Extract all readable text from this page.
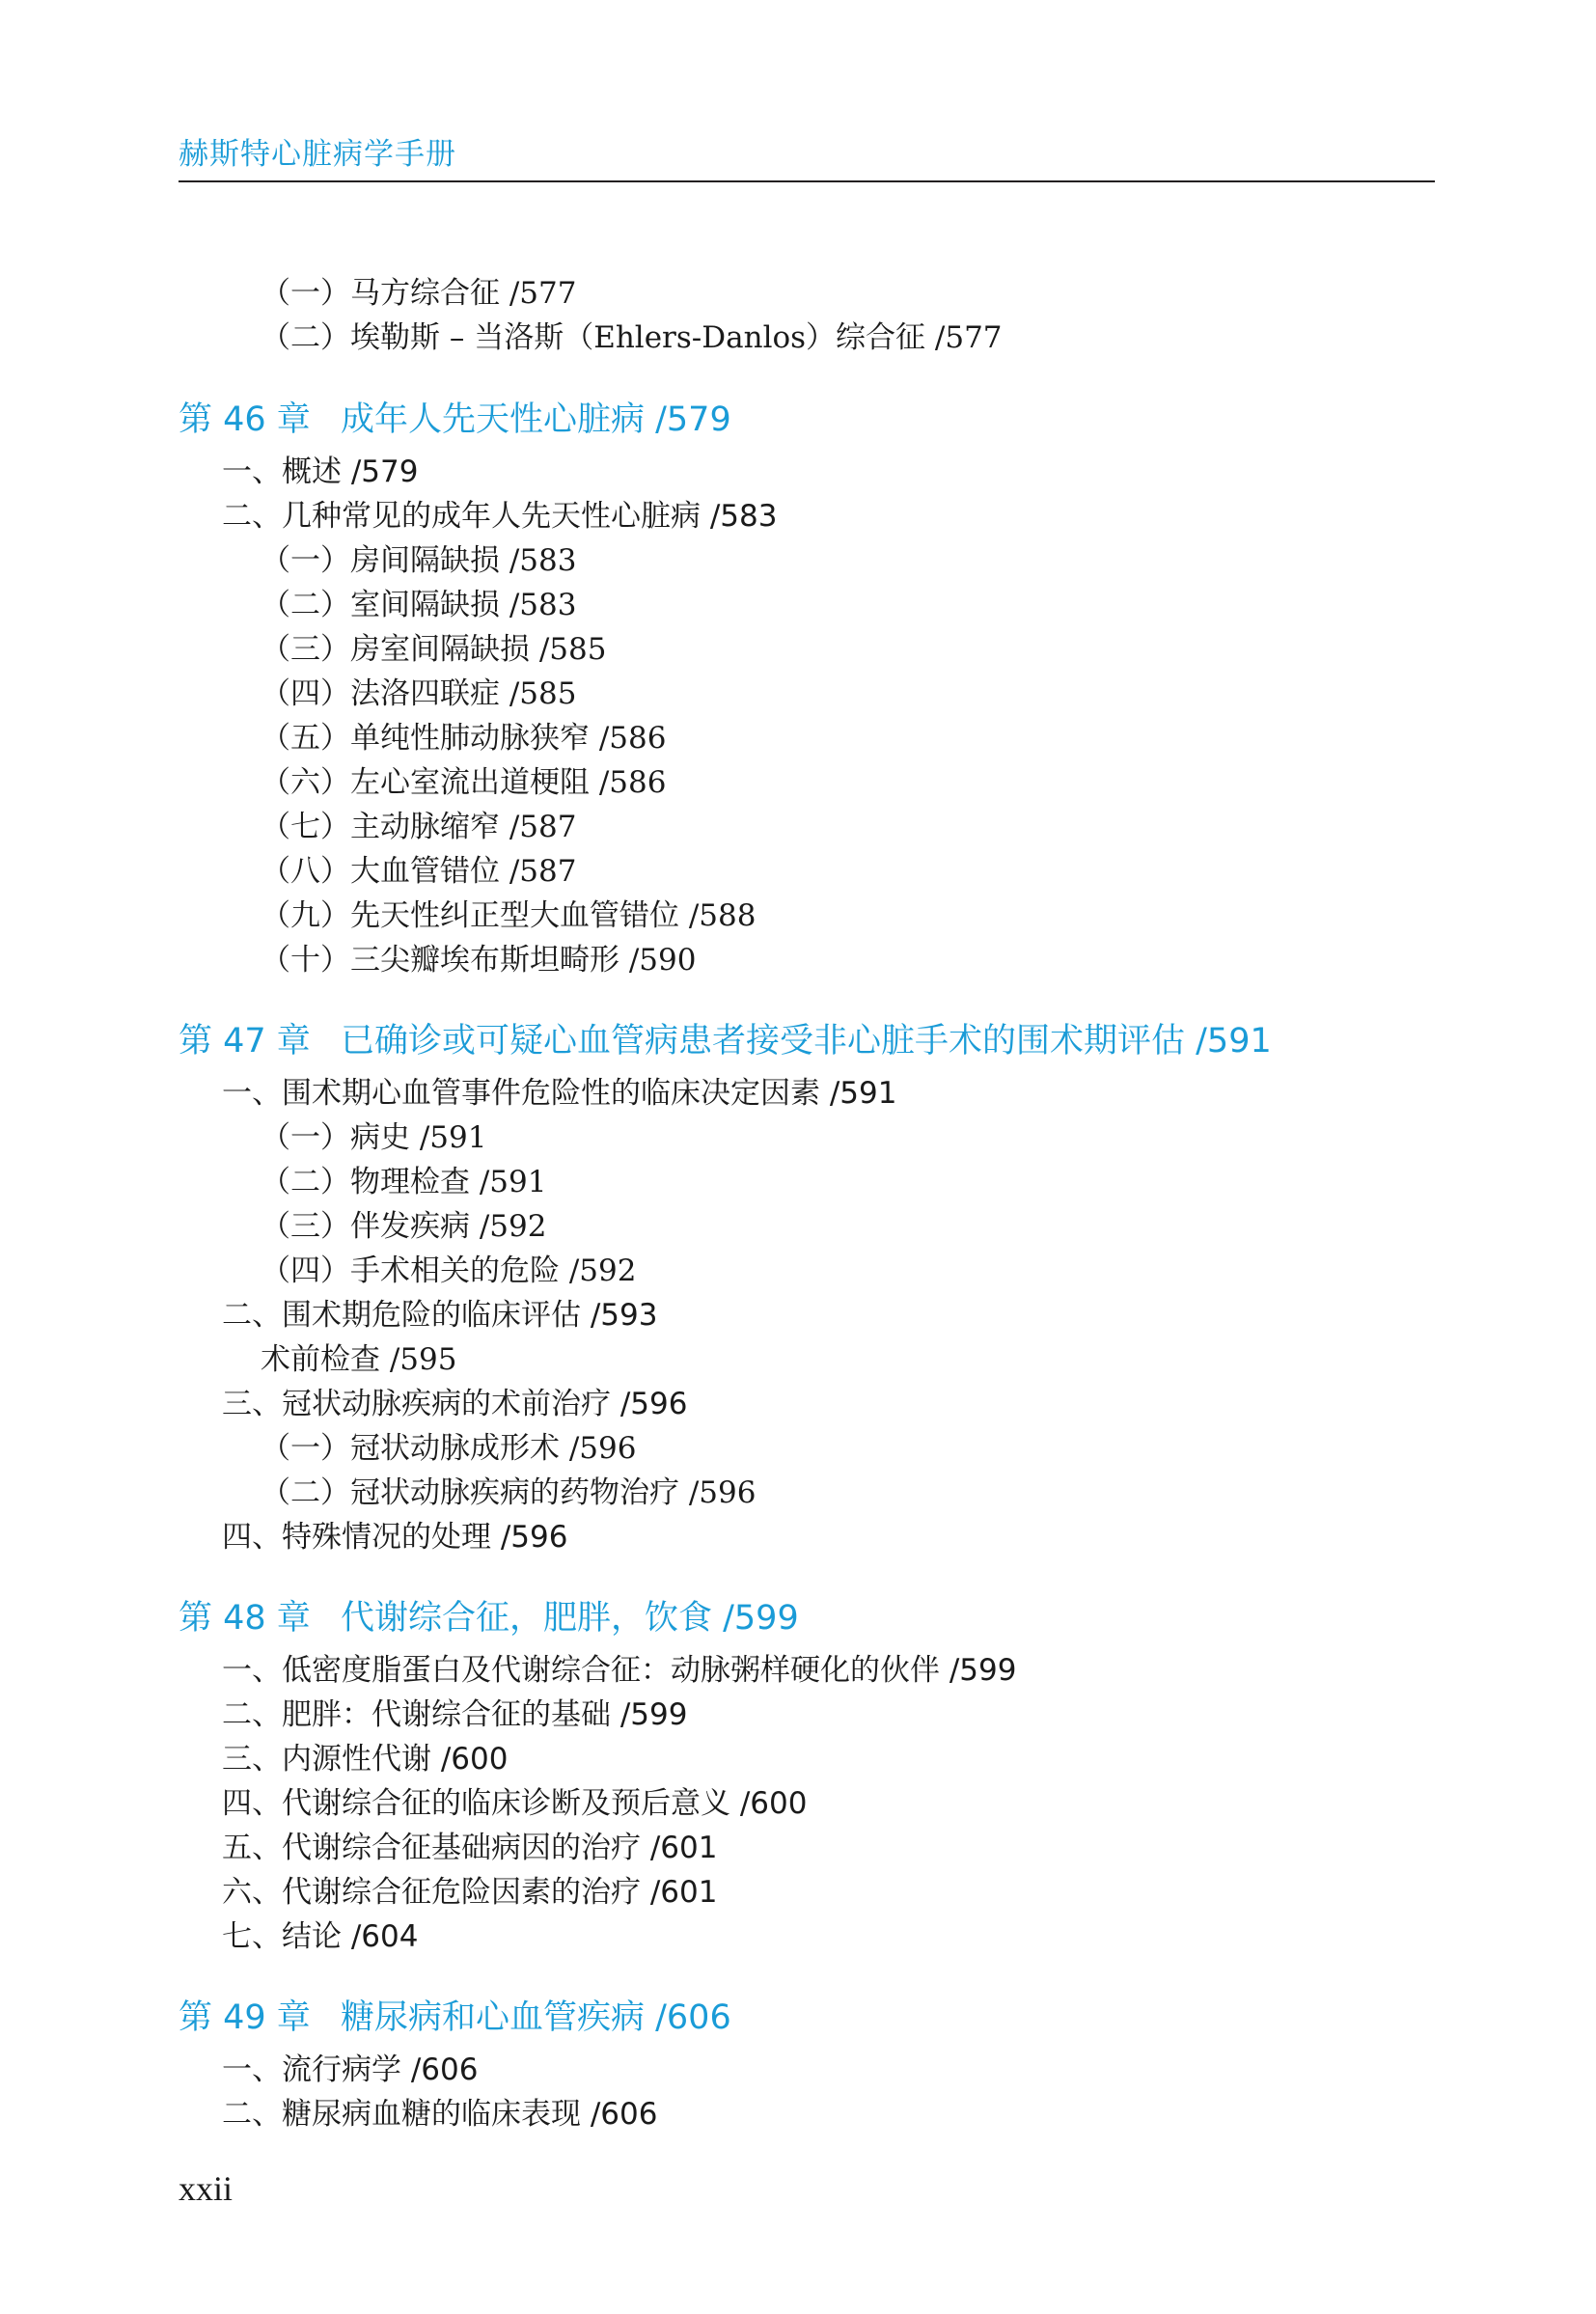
赫斯特心脏病学手册
（一）马方综合征 /577
（二）埃勒斯 – 当洛斯（Ehlers-Danlos）综合征 /577
第 46 章 成年人先天性心脏病 /579
一、概述 /579
二、几种常见的成年人先天性心脏病 /583
（一）房间隔缺损 /583
（二）室间隔缺损 /583
（三）房室间隔缺损 /585
（四）法洛四联症 /585
（五）单纯性肺动脉狭窄 /586
（六）左心室流出道梗阻 /586
（七）主动脉缩窄 /587
（八）大血管错位 /587
（九）先天性纠正型大血管错位 /588
（十）三尖瓣埃布斯坦畸形 /590
第 47 章 已确诊或可疑心血管病患者接受非心脏手术的围术期评估 /591
一、围术期心血管事件危险性的临床决定因素 /591
（一）病史 /591
（二）物理检查 /591
（三）伴发疾病 /592
（四）手术相关的危险 /592
二、围术期危险的临床评估 /593
术前检查 /595
三、冠状动脉疾病的术前治疗 /596
（一）冠状动脉成形术 /596
（二）冠状动脉疾病的药物治疗 /596
四、特殊情况的处理 /596
第 48 章 代谢综合征，肥胖，饮食 /599
一、低密度脂蛋白及代谢综合征：动脉粥样硬化的伙伴 /599
二、肥胖：代谢综合征的基础 /599
三、内源性代谢 /600
四、代谢综合征的临床诊断及预后意义 /600
五、代谢综合征基础病因的治疗 /601
六、代谢综合征危险因素的治疗 /601
七、结论 /604
第 49 章 糖尿病和心血管疾病 /606
一、流行病学 /606
二、糖尿病血糖的临床表现 /606
xxii
